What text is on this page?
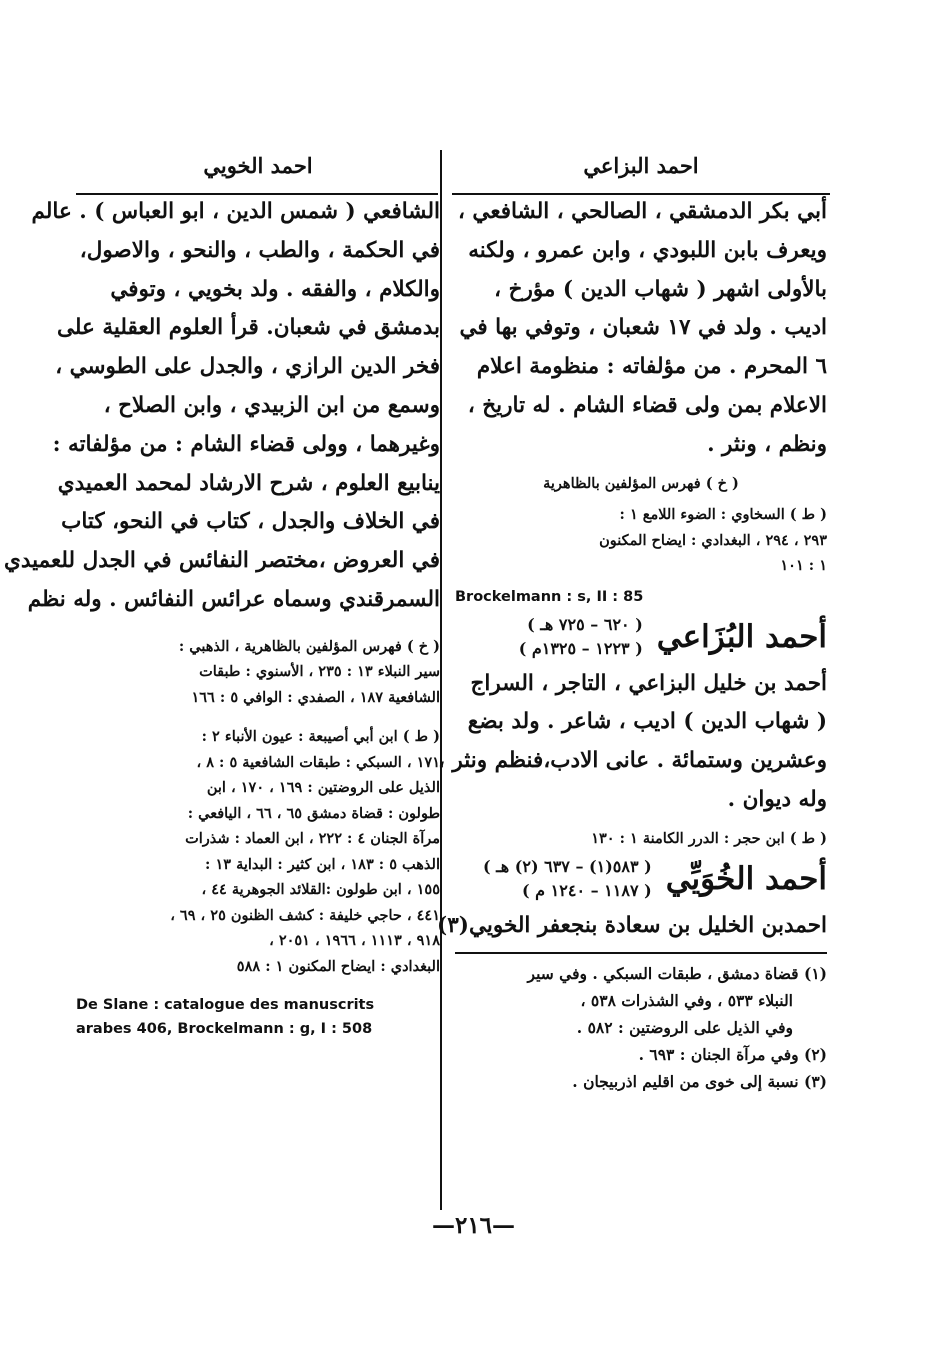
احمد البزاعي
أبي بكر الدمشقي ، الصالحي ، الشافعي ،
ويعرف بابن اللبودي ، وابن عمرو ، ولكنه
بالأولى اشهر ( شهاب الدين ) مؤرخ ،
اديب . ولد في ١٧ شعبان ، وتوفي بها في
٦ المحرم . من مؤلفاته : منظومة اعلام
الاعلام بمن ولى قضاء الشام . له تاريخ ،
ونظم ، ونثر .
( خ ) فهرس المؤلفين بالظاهرية
( ط ) السخاوي : الضوء اللامع ١ :
٢٩٣ ، ٢٩٤ ، البغدادي : ايضاح المكنون
١ : ١٠١
Brockelmann : s, II : 85
أحمد البُزَاعي
( ٦٢٠ – ٧٢٥ هـ )
( ١٢٢٣ – ١٣٢٥م )
أحمد بن خليل البزاعي ، التاجر ، السراج
( شهاب الدين ) اديب ، شاعر . ولد بضع
وعشرين وستمائة . عانى الادب،فنظم ونثر ،
وله ديوان .
( ط ) ابن حجر : الدرر الكامنة ١ : ١٣٠
أحمد الخُوَيِّي
( ٥٨٣(١) – ٦٣٧ (٢) هـ )
( ١١٨٧ – ١٢٤٠ م )
احمدبن الخليل بن سعادة بنجعفر الخويي(٣)
(١) قضاة دمشق ، طبقات السبكي . وفي سير
النبلاء ٥٣٣ ، وفي الشذرات ٥٣٨ ،
وفي الذيل على الروضتين : ٥٨٢ .
(٢) وفي مرآة الجنان : ٦٩٣ .
(٣) نسبة إلى خوى من اقليم اذربيجان .
احمد الخويي
الشافعي ( شمس الدين ، ابو العباس ) . عالم
في الحكمة ، والطب ، والنحو ، والاصول،
والكلام ، والفقه . ولد بخويي ، وتوفي
بدمشق في شعبان. قرأ العلوم العقلية على
فخر الدين الرازي ، والجدل على الطوسي ،
وسمع من ابن الزبيدي ، وابن الصلاح ،
وغيرهما ، وولى قضاء الشام : من مؤلفاته :
ينابيع العلوم ، شرح الارشاد لمحمد العميدي
في الخلاف والجدل ، كتاب في النحو، كتاب
في العروض ،مختصر النفائس في الجدل للعميدي
السمرقندي وسماه عرائس النفائس . وله نظم
( خ ) فهرس المؤلفين بالظاهرية ، الذهبي :
سير النبلاء ١٣ : ٢٣٥ ، الأسنوي : طبقات
الشافعية ١٨٧ ، الصفدي : الوافي ٥ : ١٦٦
( ط ) ابن أبي أصيبعة : عيون الأنباء ٢ :
١٧١ ، السبكي : طبقات الشافعية ٥ : ٨ ،
الذيل على الروضتين : ١٦٩ ، ١٧٠ ، ابن
طولون : قضاة دمشق ٦٥ ، ٦٦ ، اليافعي :
مرآة الجنان ٤ : ٢٢٢ ، ابن العماد : شذرات
الذهب ٥ : ١٨٣ ، ابن كثير : البداية ١٣ :
١٥٥ ، ابن طولون :القلائد الجوهرية ٤٤ ،
٤٤١ ، حاجي خليفة : كشف الظنون ٢٥ ، ٦٩ ،
٩١٨ ، ١١١٣ ، ١٩٦٦ ، ٢٠٥١ ،
البغدادي : ايضاح المكنون ١ : ٥٨٨
De Slane : catalogue des manuscrits
arabes 406, Brockelmann : g, I : 508
—٢١٦—
